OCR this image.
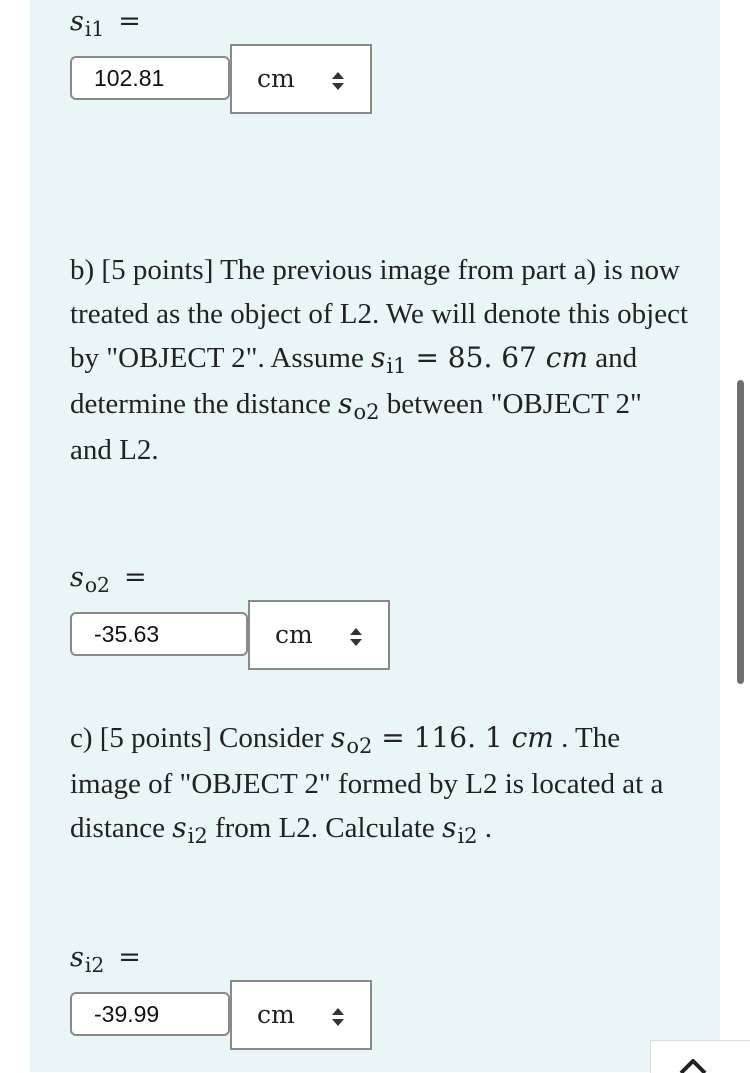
$s_{i1}$ =
102.81	cm
b) [5 points] The previous image from part a) is now treated as the object of L2. We will denote this object by "OBJECT 2". Assume $s_{i1} = 85$. 67 cm and determine the distance $s_{o2}$ between "OBJECT 2" and L2.
$s_{o2}$ =
-35.63	cm
c) [5 points] Consider $s_{o2} = 116$. 1 cm . The image of "OBJECT 2" formed by L2 is located at a distance $s_{i2}$ from L2. Calculate $s_{i2}$ .
$s_{i2}$ =
-39.99	cm
